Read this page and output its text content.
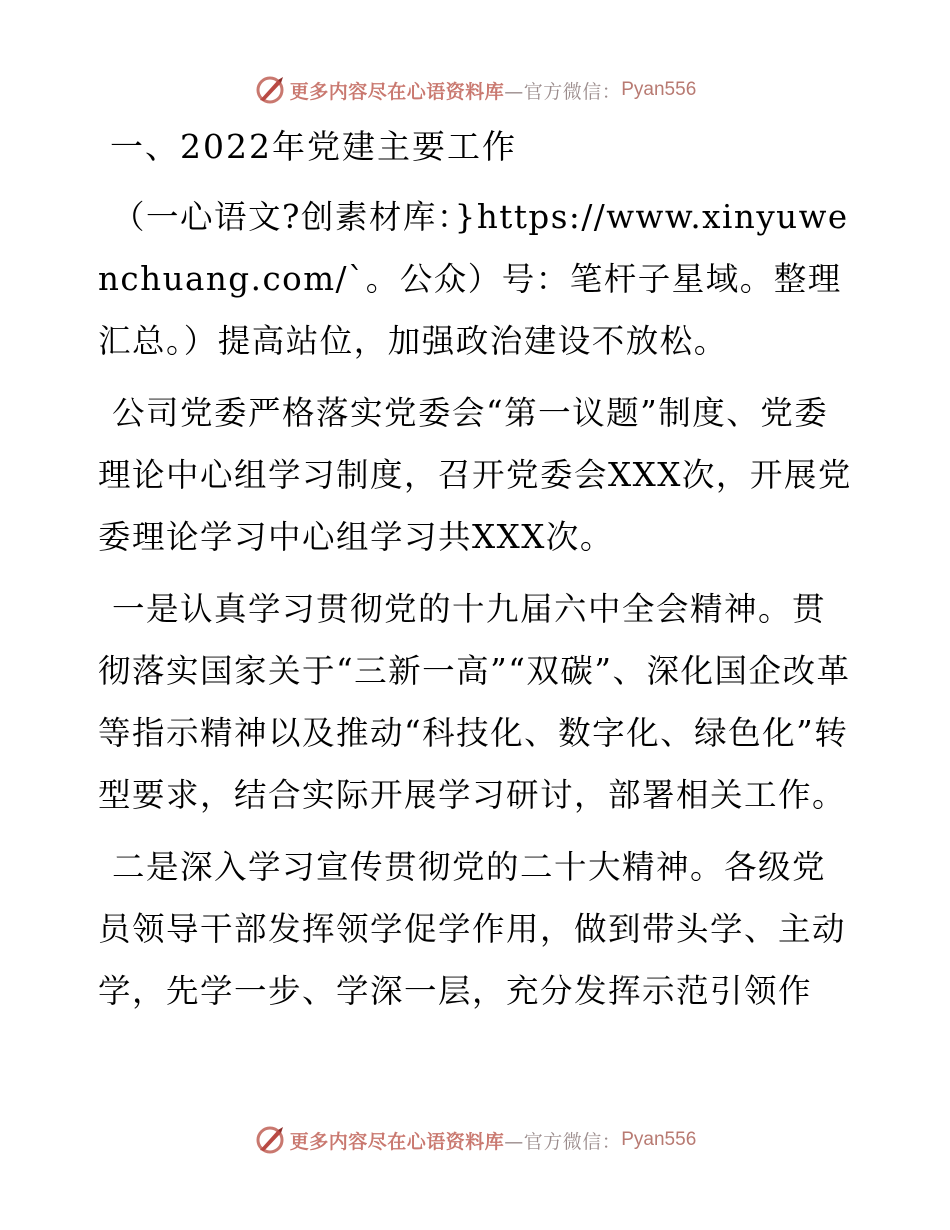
更多内容尽在心语资料库 —官方微信： Pyan556
一、2022年党建主要工作

（一心语文?创素材库：}https://www.xinyuwenchuang.com/`。公众）号：笔杆子星域。整理汇总。）提高站位，加强政治建设不放松。

公司党委严格落实党委会“第一议题”制度、党委理论中心组学习制度，召开党委会XXX次，开展党委理论学习中心组学习共XXX次。

一是认真学习贯彻党的十九届六中全会精神。贯彻落实国家关于“三新一高”“双碳”、深化国企改革等指示精神以及推动“科技化、数字化、绿色化”转型要求，结合实际开展学习研讨，部署相关工作。

二是深入学习宣传贯彻党的二十大精神。各级党员领导干部发挥领学促学作用，做到带头学、主动学，先学一步、学深一层，充分发挥示范引领作

更多内容尽在心语资料库 —官方微信： Pyan556
